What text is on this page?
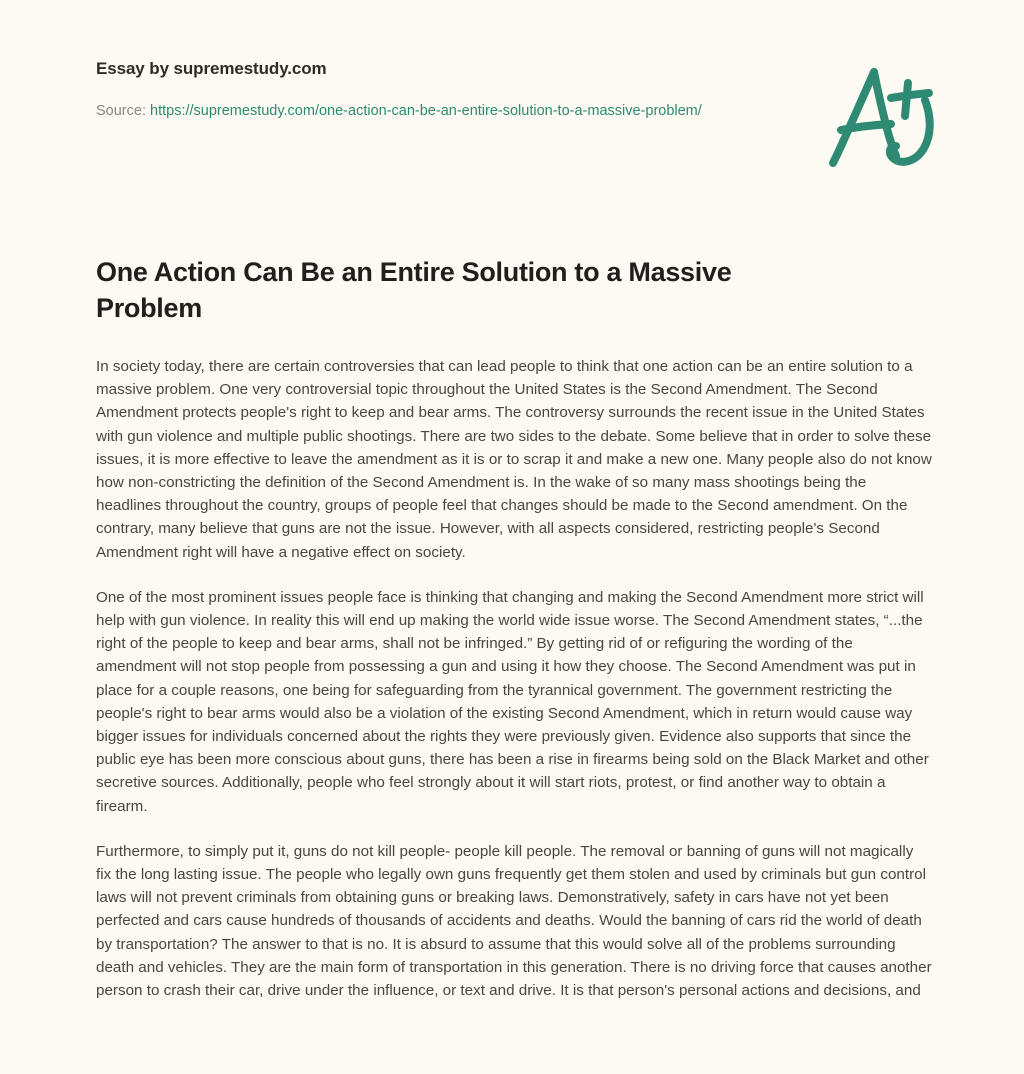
Essay by supremestudy.com
Source: https://supremestudy.com/one-action-can-be-an-entire-solution-to-a-massive-problem/
One Action Can Be an Entire Solution to a Massive Problem

In society today, there are certain controversies that can lead people to think that one action can be an entire solution to a massive problem. One very controversial topic throughout the United States is the Second Amendment. The Second Amendment protects people's right to keep and bear arms. The controversy surrounds the recent issue in the United States with gun violence and multiple public shootings. There are two sides to the debate. Some believe that in order to solve these issues, it is more effective to leave the amendment as it is or to scrap it and make a new one. Many people also do not know how non-constricting the definition of the Second Amendment is. In the wake of so many mass shootings being the headlines throughout the country, groups of people feel that changes should be made to the Second amendment. On the contrary, many believe that guns are not the issue. However, with all aspects considered, restricting people's Second Amendment right will have a negative effect on society.

One of the most prominent issues people face is thinking that changing and making the Second Amendment more strict will help with gun violence. In reality this will end up making the world wide issue worse. The Second Amendment states, “...the right of the people to keep and bear arms, shall not be infringed.” By getting rid of or refiguring the wording of the amendment will not stop people from possessing a gun and using it how they choose. The Second Amendment was put in place for a couple reasons, one being for safeguarding from the tyrannical government. The government restricting the people's right to bear arms would also be a violation of the existing Second Amendment, which in return would cause way bigger issues for individuals concerned about the rights they were previously given. Evidence also supports that since the public eye has been more conscious about guns, there has been a rise in firearms being sold on the Black Market and other secretive sources. Additionally, people who feel strongly about it will start riots, protest, or find another way to obtain a firearm.

Furthermore, to simply put it, guns do not kill people- people kill people. The removal or banning of guns will not magically fix the long lasting issue. The people who legally own guns frequently get them stolen and used by criminals but gun control laws will not prevent criminals from obtaining guns or breaking laws. Demonstratively, safety in cars have not yet been perfected and cars cause hundreds of thousands of accidents and deaths. Would the banning of cars rid the world of death by transportation? The answer to that is no. It is absurd to assume that this would solve all of the problems surrounding death and vehicles. They are the main form of transportation in this generation. There is no driving force that causes another person to crash their car, drive under the influence, or text and drive. It is that person's personal actions and decisions, and
